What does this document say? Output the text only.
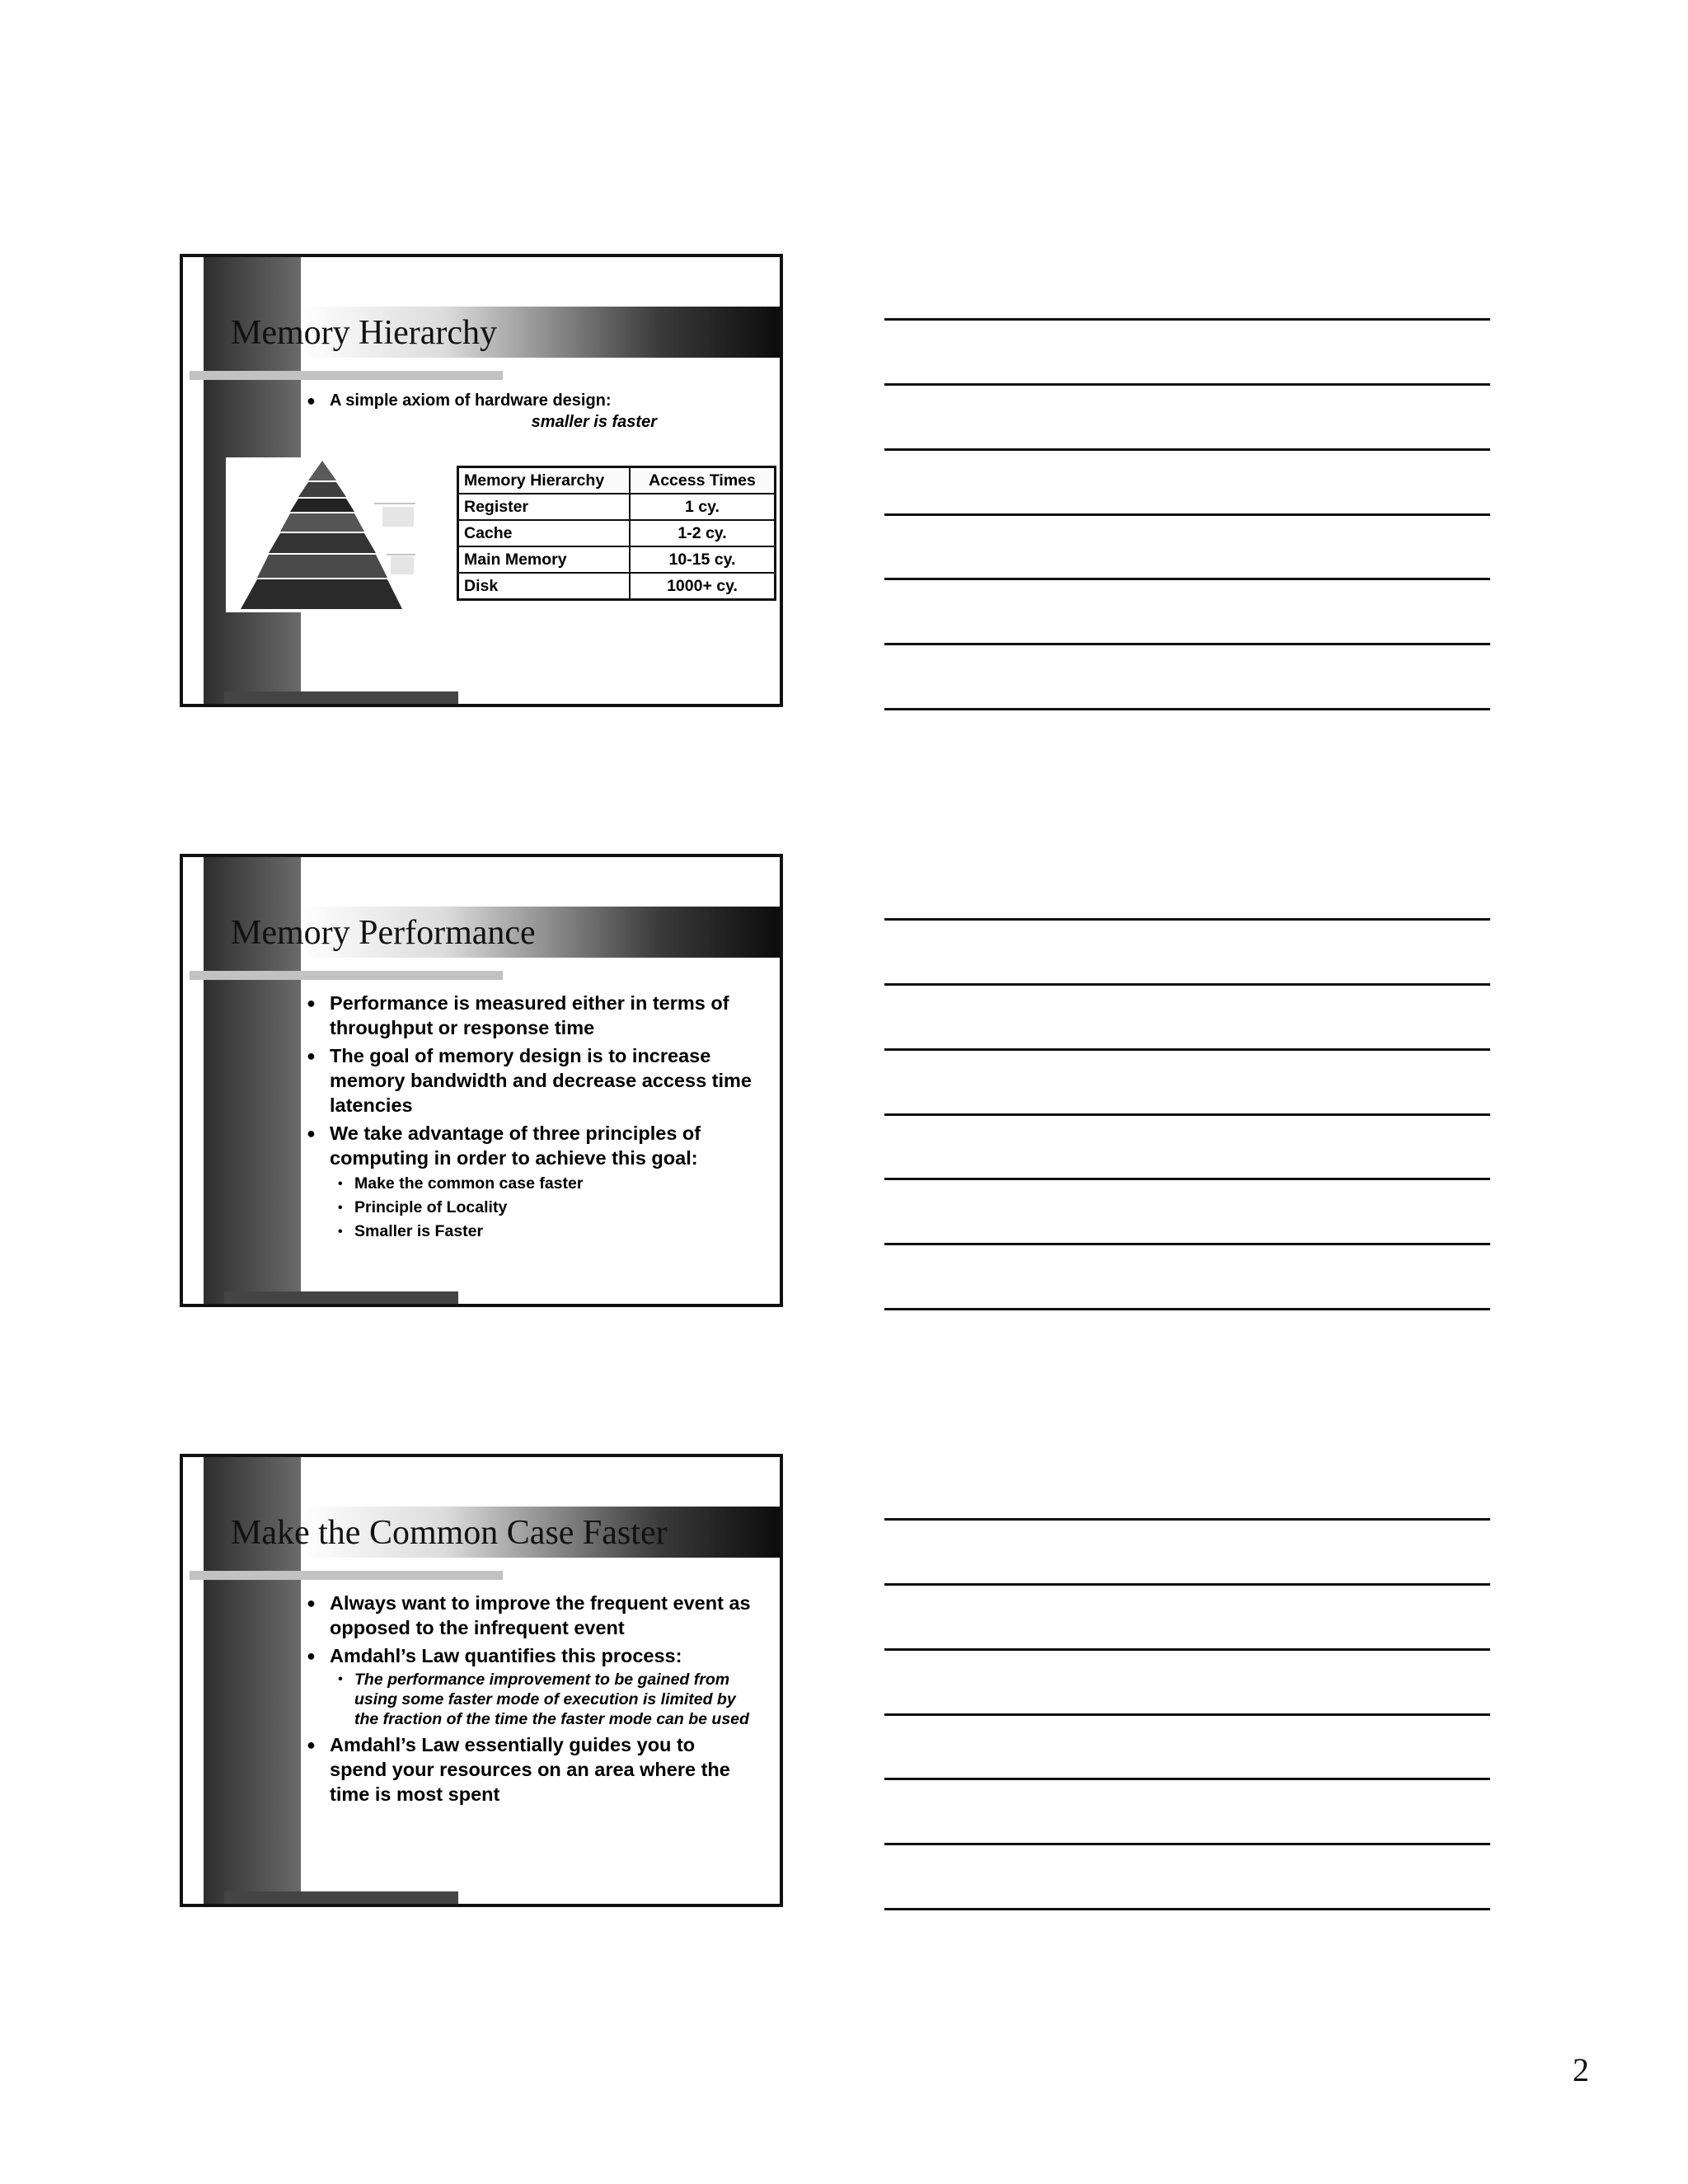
Memory Hierarchy
● A simple axiom of hardware design:
smaller is faster
Memory Hierarchy	Access Times
Register	1 cy.
Cache	1-2 cy.
Main Memory	10-15 cy.
Disk	1000+ cy.
Memory Performance
● Performance is measured either in terms of throughput or response time
● The goal of memory design is to increase memory bandwidth and decrease access time latencies
● We take advantage of three principles of computing in order to achieve this goal:
• Make the common case faster
• Principle of Locality
• Smaller is Faster
Make the Common Case Faster
● Always want to improve the frequent event as opposed to the infrequent event
● Amdahl’s Law quantifies this process:
• The performance improvement to be gained from using some faster mode of execution is limited by the fraction of the time the faster mode can be used
● Amdahl’s Law essentially guides you to spend your resources on an area where the time is most spent
2
